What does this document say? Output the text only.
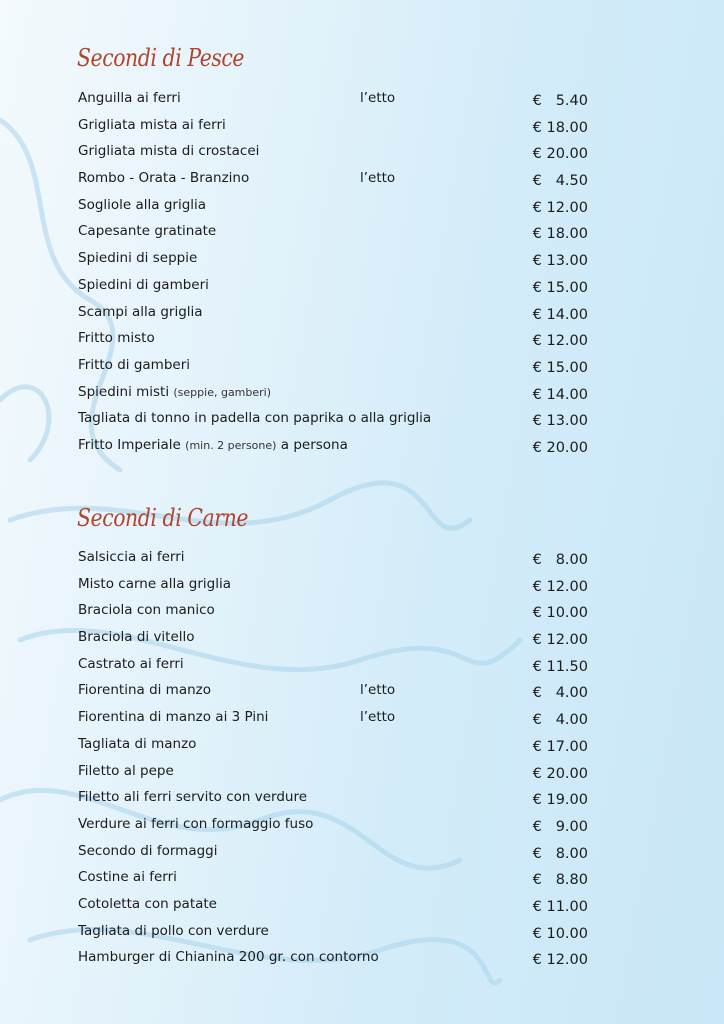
Secondi di Pesce
Anguilla ai ferri	l’etto	€   5.40
Grigliata mista ai ferri	€ 18.00
Grigliata mista di crostacei	€ 20.00
Rombo - Orata - Branzino	l’etto	€   4.50
Sogliole alla griglia	€ 12.00
Capesante gratinate	€ 18.00
Spiedini di seppie	€ 13.00
Spiedini di gamberi	€ 15.00
Scampi alla griglia	€ 14.00
Fritto misto	€ 12.00
Fritto di gamberi	€ 15.00
Spiedini misti (seppie, gamberi)	€ 14.00
Tagliata di tonno in padella con paprika o alla griglia	€ 13.00
Fritto Imperiale (min. 2 persone) a persona	€ 20.00
Secondi di Carne
Salsiccia ai ferri	€   8.00
Misto carne alla griglia	€ 12.00
Braciola con manico	€ 10.00
Braciola di vitello	€ 12.00
Castrato ai ferri	€ 11.50
Fiorentina di manzo	l’etto	€   4.00
Fiorentina di manzo ai 3 Pini	l’etto	€   4.00
Tagliata di manzo	€ 17.00
Filetto al pepe	€ 20.00
Filetto ali ferri servito con verdure	€ 19.00
Verdure ai ferri con formaggio fuso	€   9.00
Secondo di formaggi	€   8.00
Costine ai ferri	€   8.80
Cotoletta con patate	€ 11.00
Tagliata di pollo con verdure	€ 10.00
Hamburger di Chianina 200 gr. con contorno	€ 12.00
